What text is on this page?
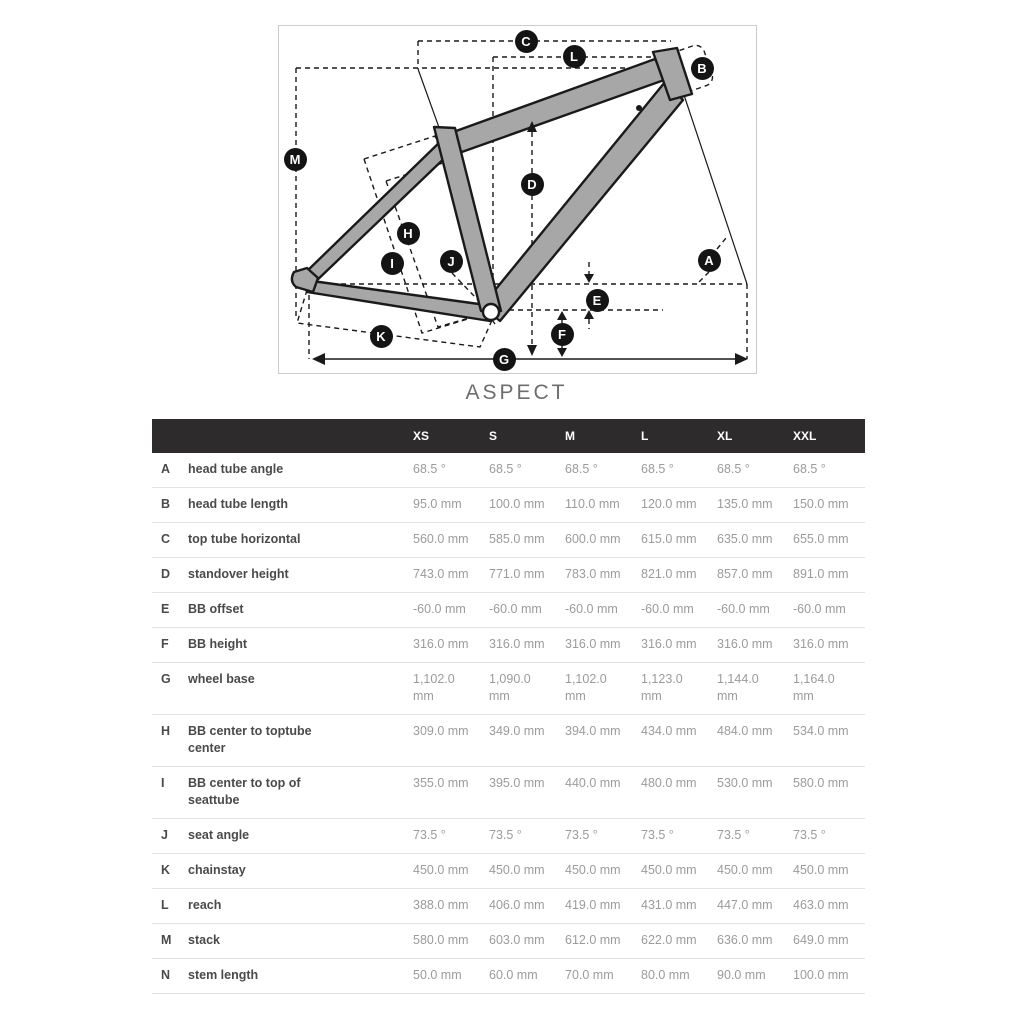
A
B
C
D
E
F
G
H
I	J
K
L
M
ASPECT
		XS	S	M	L	XL	XXL
A	head tube angle	68.5 °	68.5 °	68.5 °	68.5 °	68.5 °	68.5 °
B	head tube length	95.0 mm	100.0 mm	110.0 mm	120.0 mm	135.0 mm	150.0 mm
C	top tube horizontal	560.0 mm	585.0 mm	600.0 mm	615.0 mm	635.0 mm	655.0 mm
D	standover height	743.0 mm	771.0 mm	783.0 mm	821.0 mm	857.0 mm	891.0 mm
E	BB offset	-60.0 mm	-60.0 mm	-60.0 mm	-60.0 mm	-60.0 mm	-60.0 mm
F	BB height	316.0 mm	316.0 mm	316.0 mm	316.0 mm	316.0 mm	316.0 mm
G	wheel base	1,102.0 mm	1,090.0 mm	1,102.0 mm	1,123.0 mm	1,144.0 mm	1,164.0 mm
H	BB center to toptube center	309.0 mm	349.0 mm	394.0 mm	434.0 mm	484.0 mm	534.0 mm
I	BB center to top of seattube	355.0 mm	395.0 mm	440.0 mm	480.0 mm	530.0 mm	580.0 mm
J	seat angle	73.5 °	73.5 °	73.5 °	73.5 °	73.5 °	73.5 °
K	chainstay	450.0 mm	450.0 mm	450.0 mm	450.0 mm	450.0 mm	450.0 mm
L	reach	388.0 mm	406.0 mm	419.0 mm	431.0 mm	447.0 mm	463.0 mm
M	stack	580.0 mm	603.0 mm	612.0 mm	622.0 mm	636.0 mm	649.0 mm
N	stem length	50.0 mm	60.0 mm	70.0 mm	80.0 mm	90.0 mm	100.0 mm
